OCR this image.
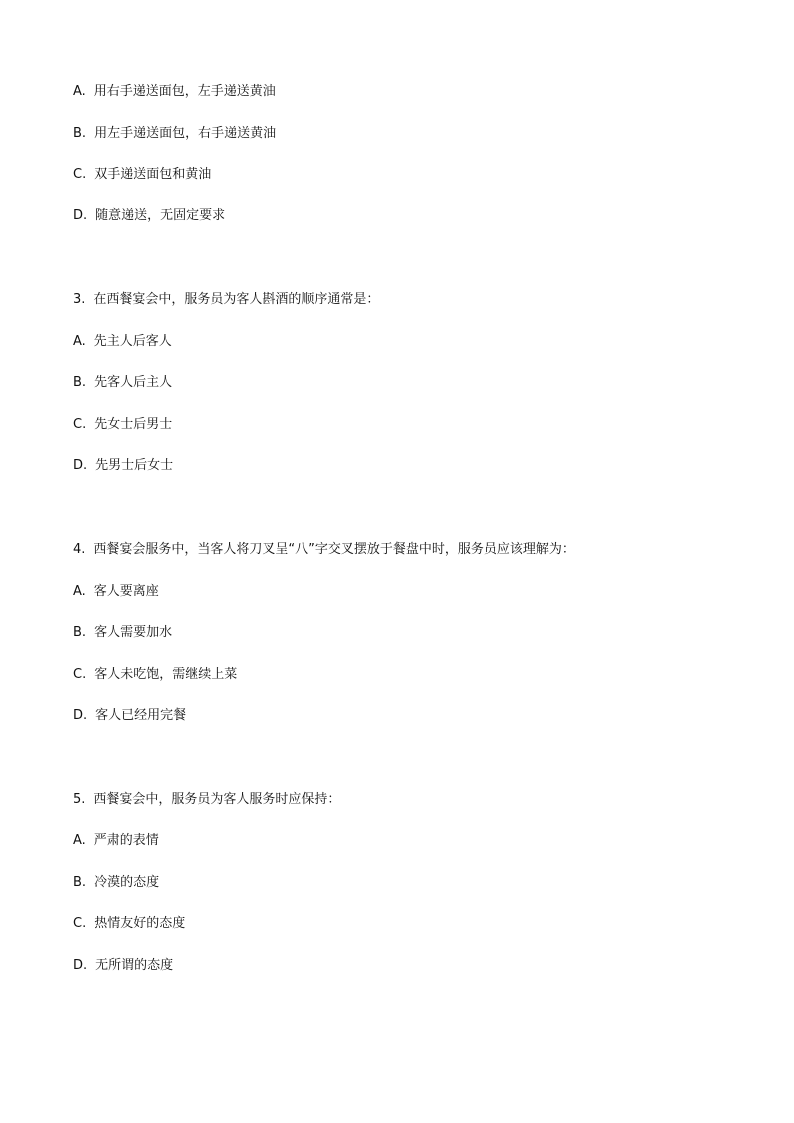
A. 用右手递送面包，左手递送黄油
B. 用左手递送面包，右手递送黄油
C. 双手递送面包和黄油
D. 随意递送，无固定要求
3. 在西餐宴会中，服务员为客人斟酒的顺序通常是：
A. 先主人后客人
B. 先客人后主人
C. 先女士后男士
D. 先男士后女士
4. 西餐宴会服务中，当客人将刀叉呈“八”字交叉摆放于餐盘中时，服务员应该理解为：
A. 客人要离座
B. 客人需要加水
C. 客人未吃饱，需继续上菜
D. 客人已经用完餐
5. 西餐宴会中，服务员为客人服务时应保持：
A. 严肃的表情
B. 冷漠的态度
C. 热情友好的态度
D. 无所谓的态度
